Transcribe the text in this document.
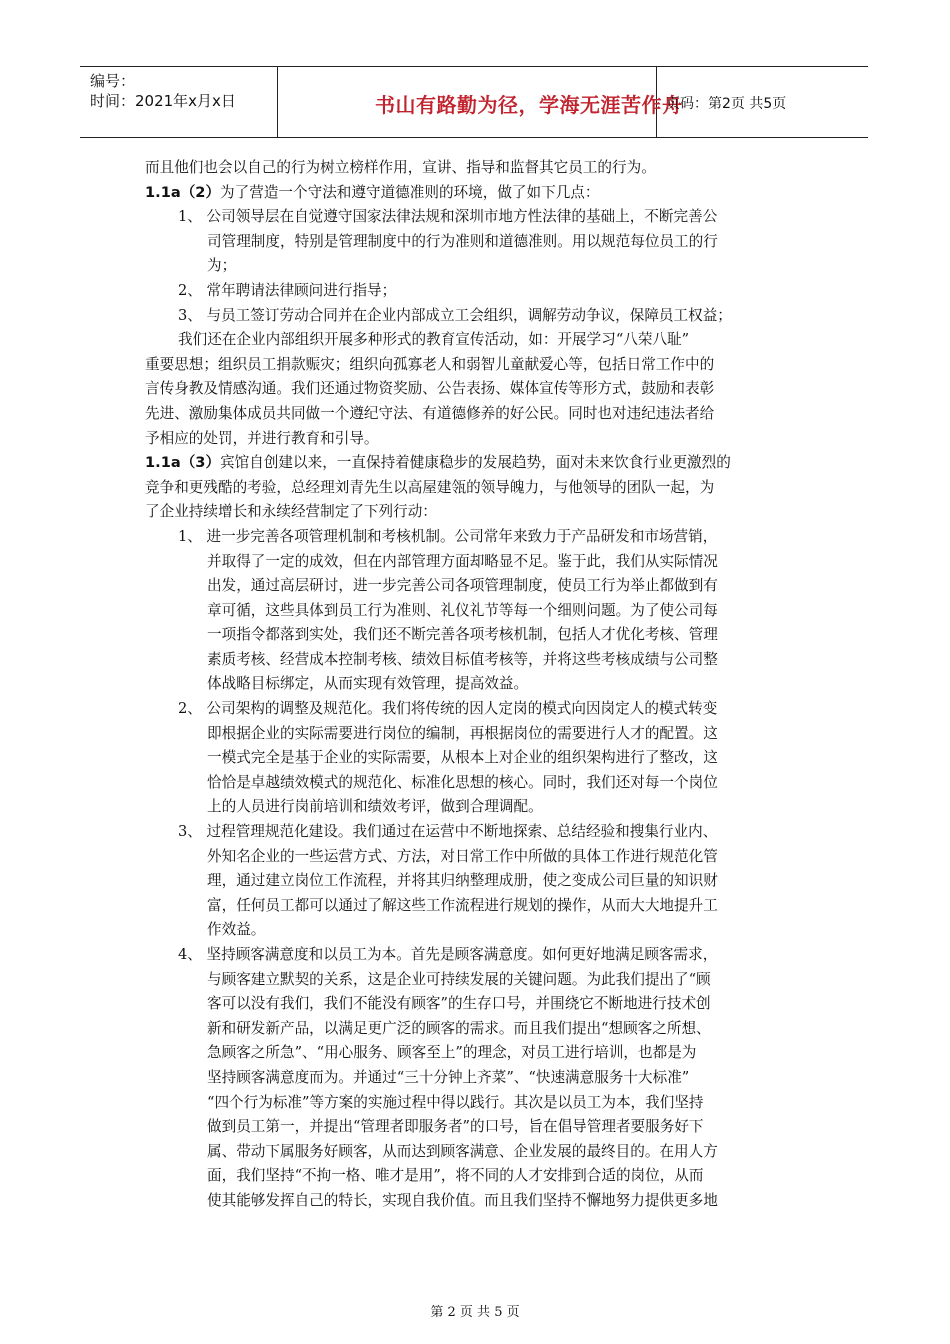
编号：
时间：2021年x月x日	书山有路勤为径，学海无涯苦作舟
页码：第2页 共5页
而且他们也会以自己的行为树立榜样作用，宣讲、指导和监督其它员工的行为。
1.1a（2）为了营造一个守法和遵守道德准则的环境，做了如下几点：
1、 公司领导层在自觉遵守国家法律法规和深圳市地方性法律的基础上，不断完善公
司管理制度，特别是管理制度中的行为准则和道德准则。用以规范每位员工的行
为；
2、 常年聘请法律顾问进行指导；
3、 与员工签订劳动合同并在企业内部成立工会组织，调解劳动争议，保障员工权益；
我们还在企业内部组织开展多种形式的教育宣传活动，如：开展学习“八荣八耻”
重要思想；组织员工捐款赈灾；组织向孤寡老人和弱智儿童献爱心等，包括日常工作中的
言传身教及情感沟通。我们还通过物资奖励、公告表扬、媒体宣传等形方式，鼓励和表彰
先进、激励集体成员共同做一个遵纪守法、有道德修养的好公民。同时也对违纪违法者给
予相应的处罚，并进行教育和引导。
1.1a（3）宾馆自创建以来，一直保持着健康稳步的发展趋势，面对未来饮食行业更激烈的
竞争和更残酷的考验，总经理刘青先生以高屋建瓴的领导魄力，与他领导的团队一起，为
了企业持续增长和永续经营制定了下列行动：
1、 进一步完善各项管理机制和考核机制。公司常年来致力于产品研发和市场营销，
并取得了一定的成效，但在内部管理方面却略显不足。鉴于此，我们从实际情况
出发，通过高层研讨，进一步完善公司各项管理制度，使员工行为举止都做到有
章可循，这些具体到员工行为准则、礼仪礼节等每一个细则问题。为了使公司每
一项指令都落到实处，我们还不断完善各项考核机制，包括人才优化考核、管理
素质考核、经营成本控制考核、绩效目标值考核等，并将这些考核成绩与公司整
体战略目标绑定，从而实现有效管理，提高效益。
2、 公司架构的调整及规范化。我们将传统的因人定岗的模式向因岗定人的模式转变
即根据企业的实际需要进行岗位的编制，再根据岗位的需要进行人才的配置。这
一模式完全是基于企业的实际需要，从根本上对企业的组织架构进行了整改，这
恰恰是卓越绩效模式的规范化、标准化思想的核心。同时，我们还对每一个岗位
上的人员进行岗前培训和绩效考评，做到合理调配。
3、 过程管理规范化建设。我们通过在运营中不断地探索、总结经验和搜集行业内、
外知名企业的一些运营方式、方法，对日常工作中所做的具体工作进行规范化管
理，通过建立岗位工作流程，并将其归纳整理成册，使之变成公司巨量的知识财
富，任何员工都可以通过了解这些工作流程进行规划的操作，从而大大地提升工
作效益。
4、 坚持顾客满意度和以员工为本。首先是顾客满意度。如何更好地满足顾客需求，
与顾客建立默契的关系，这是企业可持续发展的关键问题。为此我们提出了“顾
客可以没有我们，我们不能没有顾客”的生存口号，并围绕它不断地进行技术创
新和研发新产品，以满足更广泛的顾客的需求。而且我们提出“想顾客之所想、
急顾客之所急”、“用心服务、顾客至上”的理念，对员工进行培训，也都是为
坚持顾客满意度而为。并通过“三十分钟上齐菜”、“快速满意服务十大标准”
“四个行为标准”等方案的实施过程中得以践行。其次是以员工为本，我们坚持
做到员工第一，并提出“管理者即服务者”的口号，旨在倡导管理者要服务好下
属、带动下属服务好顾客，从而达到顾客满意、企业发展的最终目的。在用人方
面，我们坚持“不拘一格、唯才是用”，将不同的人才安排到合适的岗位，从而
使其能够发挥自己的特长，实现自我价值。而且我们坚持不懈地努力提供更多地
第 2 页 共 5 页
